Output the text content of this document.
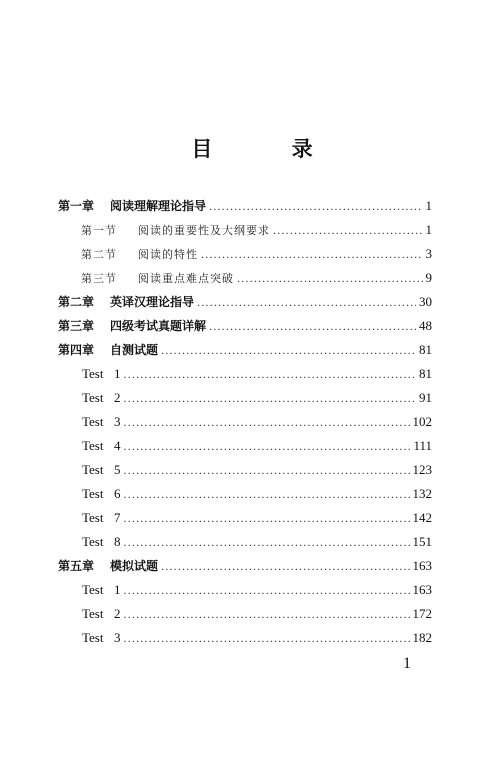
目 录
第一章 阅读理解理论指导 .....	1
第一节 阅读的重要性及大纲要求 .....	1
第二节 阅读的特性 .....	3
第三节 阅读重点难点突破 .....	9
第二章 英译汉理论指导 .....	30
第三章 四级考试真题详解 .....	48
第四章 自测试题 .....	81
Test 1 .....	81
Test 2 .....	91
Test 3 .....	102
Test 4 .....	111
Test 5 .....	123
Test 6 .....	132
Test 7 .....	142
Test 8 .....	151
第五章 模拟试题 .....	163
Test 1 .....	163
Test 2 .....	172
Test 3 .....	182
1
